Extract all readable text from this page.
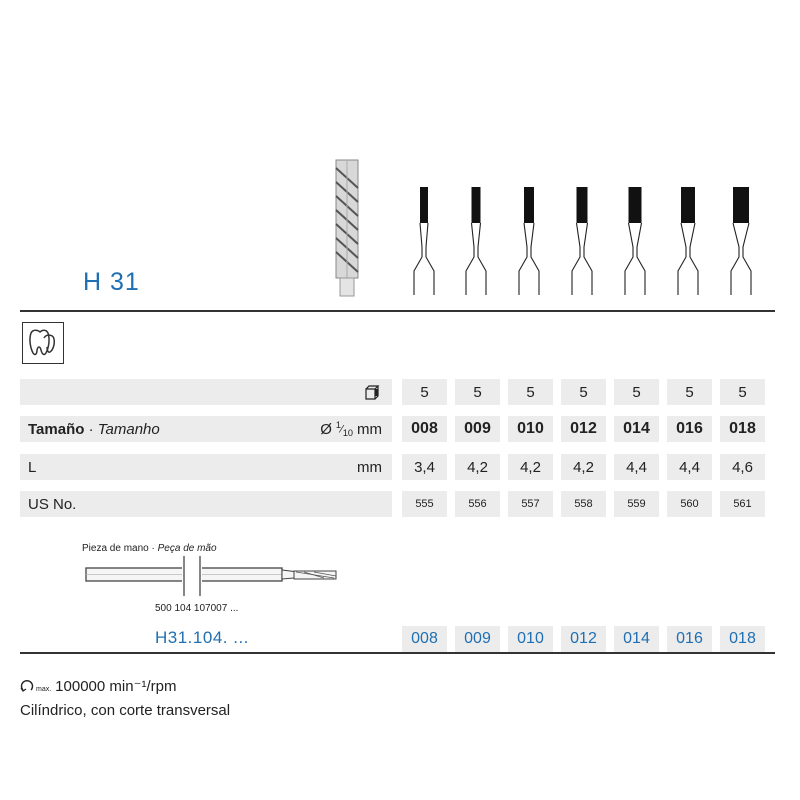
H 31
5	5	5	5	5	5	5
Tamaño · Tamanho	Ø $^1⁄_{10}$ mm	008	009	010	012	014	016	018
L	mm	3,4	4,2	4,2	4,2	4,4	4,4	4,6
US No.	555	556	557	558	559	560	561
Pieza de mano · Peça de mão
500 104 107007 ...
H31.104. ...	008	009	010	012	014	016	018
max. 100000 min⁻¹/rpm
Cilíndrico, con corte transversal
